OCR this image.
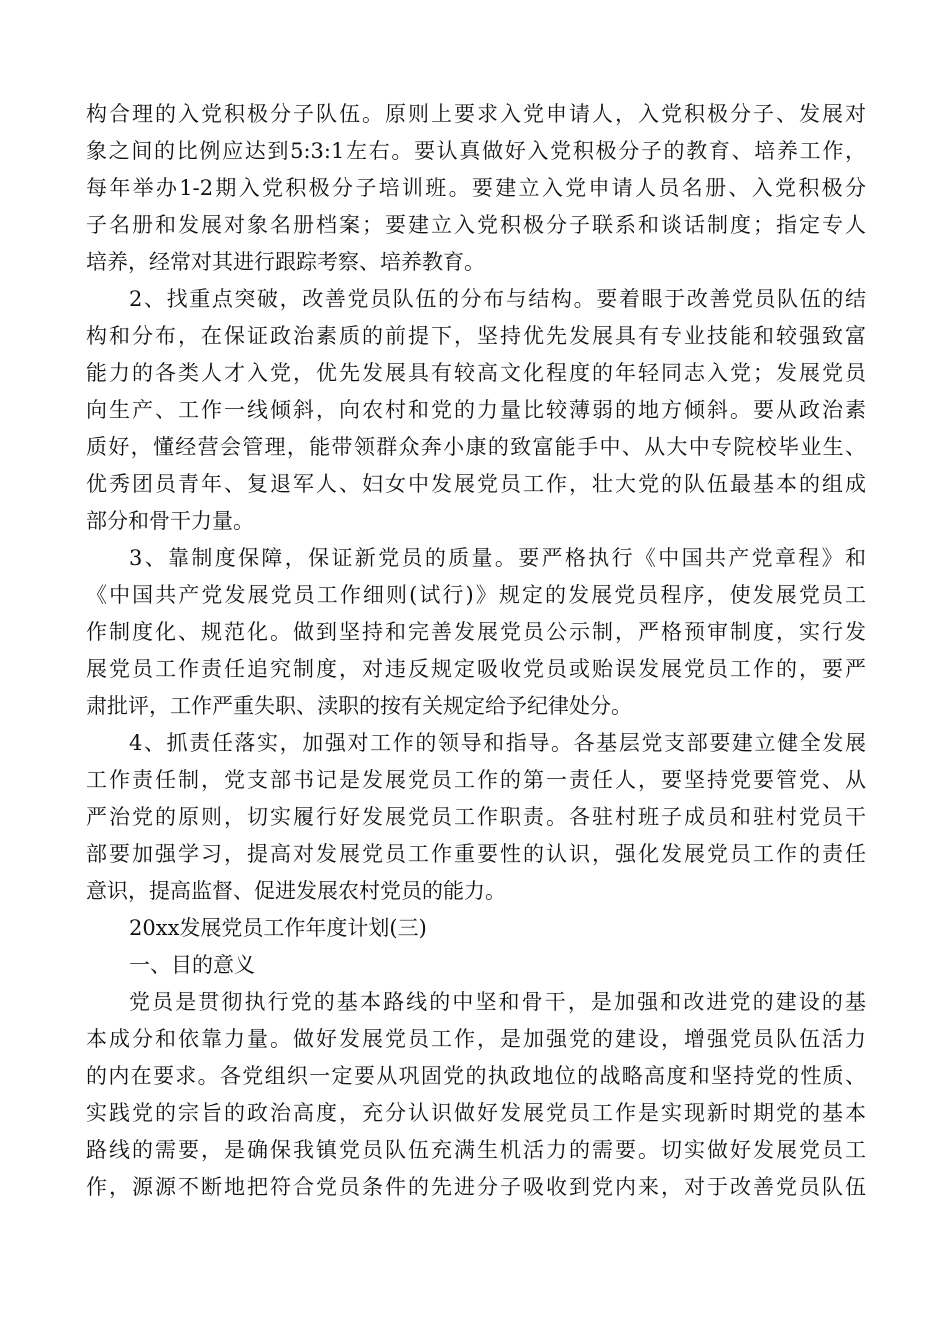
构合理的入党积极分子队伍。原则上要求入党申请人，入党积极分子、发展对
象之间的比例应达到5:3:1左右。要认真做好入党积极分子的教育、培养工作，
每年举办1-2期入党积极分子培训班。要建立入党申请人员名册、入党积极分
子名册和发展对象名册档案；要建立入党积极分子联系和谈话制度；指定专人
培养，经常对其进行跟踪考察、培养教育。
2、找重点突破，改善党员队伍的分布与结构。要着眼于改善党员队伍的结
构和分布，在保证政治素质的前提下，坚持优先发展具有专业技能和较强致富
能力的各类人才入党，优先发展具有较高文化程度的年轻同志入党；发展党员
向生产、工作一线倾斜，向农村和党的力量比较薄弱的地方倾斜。要从政治素
质好，懂经营会管理，能带领群众奔小康的致富能手中、从大中专院校毕业生、
优秀团员青年、复退军人、妇女中发展党员工作，壮大党的队伍最基本的组成
部分和骨干力量。
3、靠制度保障，保证新党员的质量。要严格执行《中国共产党章程》和
《中国共产党发展党员工作细则(试行)》规定的发展党员程序，使发展党员工
作制度化、规范化。做到坚持和完善发展党员公示制，严格预审制度，实行发
展党员工作责任追究制度，对违反规定吸收党员或贻误发展党员工作的，要严
肃批评，工作严重失职、渎职的按有关规定给予纪律处分。
4、抓责任落实，加强对工作的领导和指导。各基层党支部要建立健全发展
工作责任制，党支部书记是发展党员工作的第一责任人，要坚持党要管党、从
严治党的原则，切实履行好发展党员工作职责。各驻村班子成员和驻村党员干
部要加强学习，提高对发展党员工作重要性的认识，强化发展党员工作的责任
意识，提高监督、促进发展农村党员的能力。
20xx发展党员工作年度计划(三)
一、目的意义
党员是贯彻执行党的基本路线的中坚和骨干，是加强和改进党的建设的基
本成分和依靠力量。做好发展党员工作，是加强党的建设，增强党员队伍活力
的内在要求。各党组织一定要从巩固党的执政地位的战略高度和坚持党的性质、
实践党的宗旨的政治高度，充分认识做好发展党员工作是实现新时期党的基本
路线的需要，是确保我镇党员队伍充满生机活力的需要。切实做好发展党员工
作，源源不断地把符合党员条件的先进分子吸收到党内来，对于改善党员队伍
